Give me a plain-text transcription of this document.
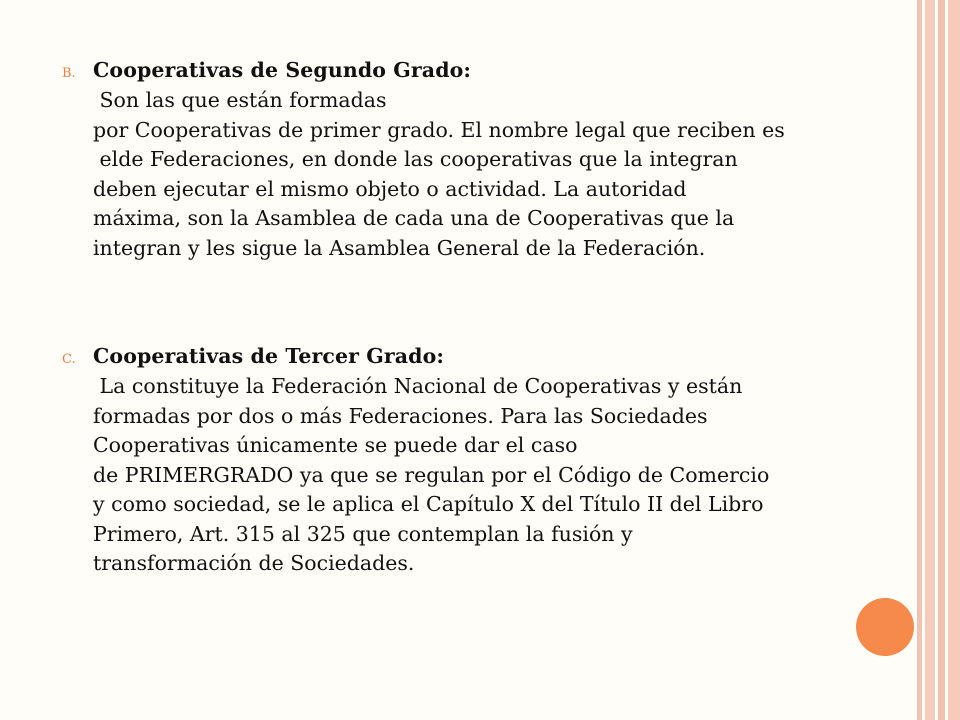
B. Cooperativas de Segundo Grado:
Son las que están formadas
por Cooperativas de primer grado. El nombre legal que reciben es
elde Federaciones, en donde las cooperativas que la integran
deben ejecutar el mismo objeto o actividad. La autoridad
máxima, son la Asamblea de cada una de Cooperativas que la
integran y les sigue la Asamblea General de la Federación.
C. Cooperativas de Tercer Grado:
La constituye la Federación Nacional de Cooperativas y están
formadas por dos o más Federaciones. Para las Sociedades
Cooperativas únicamente se puede dar el caso
de PRIMERGRADO ya que se regulan por el Código de Comercio
y como sociedad, se le aplica el Capítulo X del Título II del Libro
Primero, Art. 315 al 325 que contemplan la fusión y
transformación de Sociedades.
